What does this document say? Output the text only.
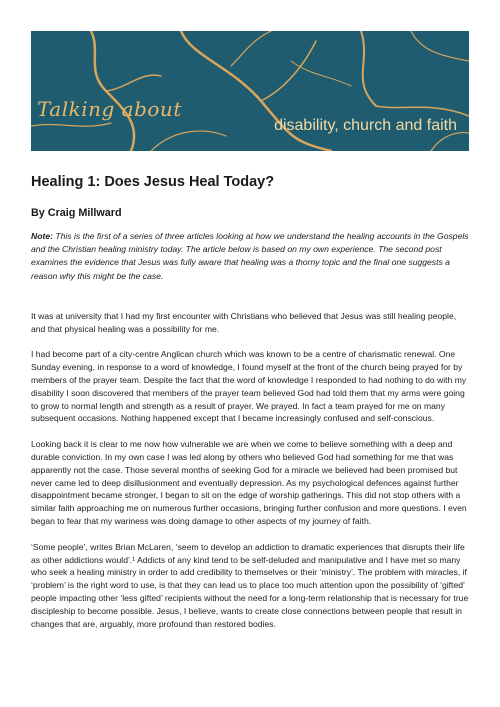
Talking about
disability, church and faith
Healing 1: Does Jesus Heal Today?
By Craig Millward
Note: This is the first of a series of three articles looking at how we understand the healing accounts in the Gospels and the Christian healing ministry today. The article below is based on my own experience. The second post examines the evidence that Jesus was fully aware that healing was a thorny topic and the final one suggests a reason why this might be the case.

It was at university that I had my first encounter with Christians who believed that Jesus was still healing people, and that physical healing was a possibility for me.

I had become part of a city-centre Anglican church which was known to be a centre of charismatic renewal. One Sunday evening, in response to a word of knowledge, I found myself at the front of the church being prayed for by members of the prayer team. Despite the fact that the word of knowledge I responded to had nothing to do with my disability I soon discovered that members of the prayer team believed God had told them that my arms were going to grow to normal length and strength as a result of prayer. We prayed. In fact a team prayed for me on many subsequent occasions. Nothing happened except that I became increasingly confused and self-conscious.

Looking back it is clear to me now how vulnerable we are when we come to believe something with a deep and durable conviction. In my own case I was led along by others who believed God had something for me that was apparently not the case. Those several months of seeking God for a miracle we believed had been promised but never came led to deep disillusionment and eventually depression. As my psychological defences against further disappointment became stronger, I began to sit on the edge of worship gatherings. This did not stop others with a similar faith approaching me on numerous further occasions, bringing further confusion and more questions. I even began to fear that my wariness was doing damage to other aspects of my journey of faith.

‘Some people’, writes Brian McLaren, ‘seem to develop an addiction to dramatic experiences that disrupts their life as other addictions would’.¹ Addicts of any kind tend to be self-deluded and manipulative and I have met so many who seek a healing ministry in order to add credibility to themselves or their ‘ministry’. The problem with miracles, if ‘problem’ is the right word to use, is that they can lead us to place too much attention upon the possibility of ‘gifted’ people impacting other ‘less gifted’ recipients without the need for a long-term relationship that is necessary for true discipleship to become possible. Jesus, I believe, wants to create close connections between people that result in changes that are, arguably, more profound than restored bodies.
